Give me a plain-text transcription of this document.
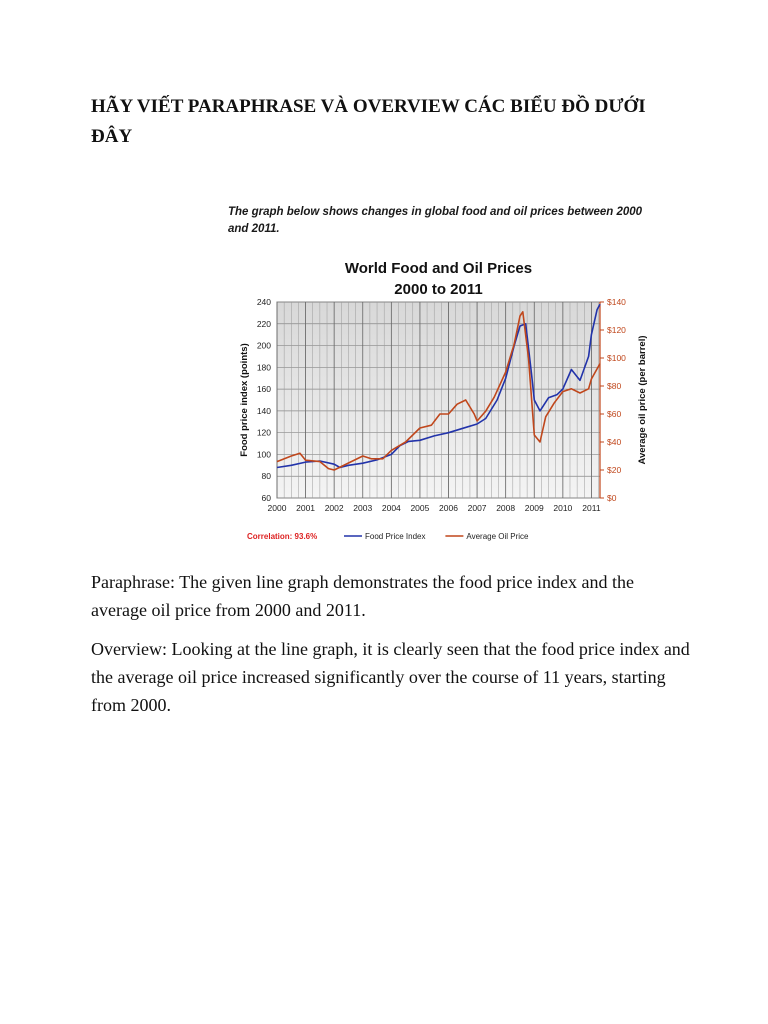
HÃY VIẾT PARAPHRASE VÀ OVERVIEW CÁC BIỂU ĐỒ DƯỚI ĐÂY
The graph below shows changes in global food and oil prices between 2000 and 2011.
World Food and Oil Prices
2000 to 2011
60
80
100
120
140
160
180
200
220
240
2000 2001 2002 2003 2004 2005 2006 2007 2008 2009 2010 2011
$0
$20
$40
$60
$80
$100
$120
$140
Food price index (points)	Average oil price (per barrel)
Correlation: 93.6%	Food Price Index	Average Oil Price

Paraphrase: The given line graph demonstrates the food price index and the average oil price from 2000 and 2011.

Overview: Looking at the line graph, it is clearly seen that the food price index and the average oil price increased significantly over the course of 11 years, starting from 2000.
